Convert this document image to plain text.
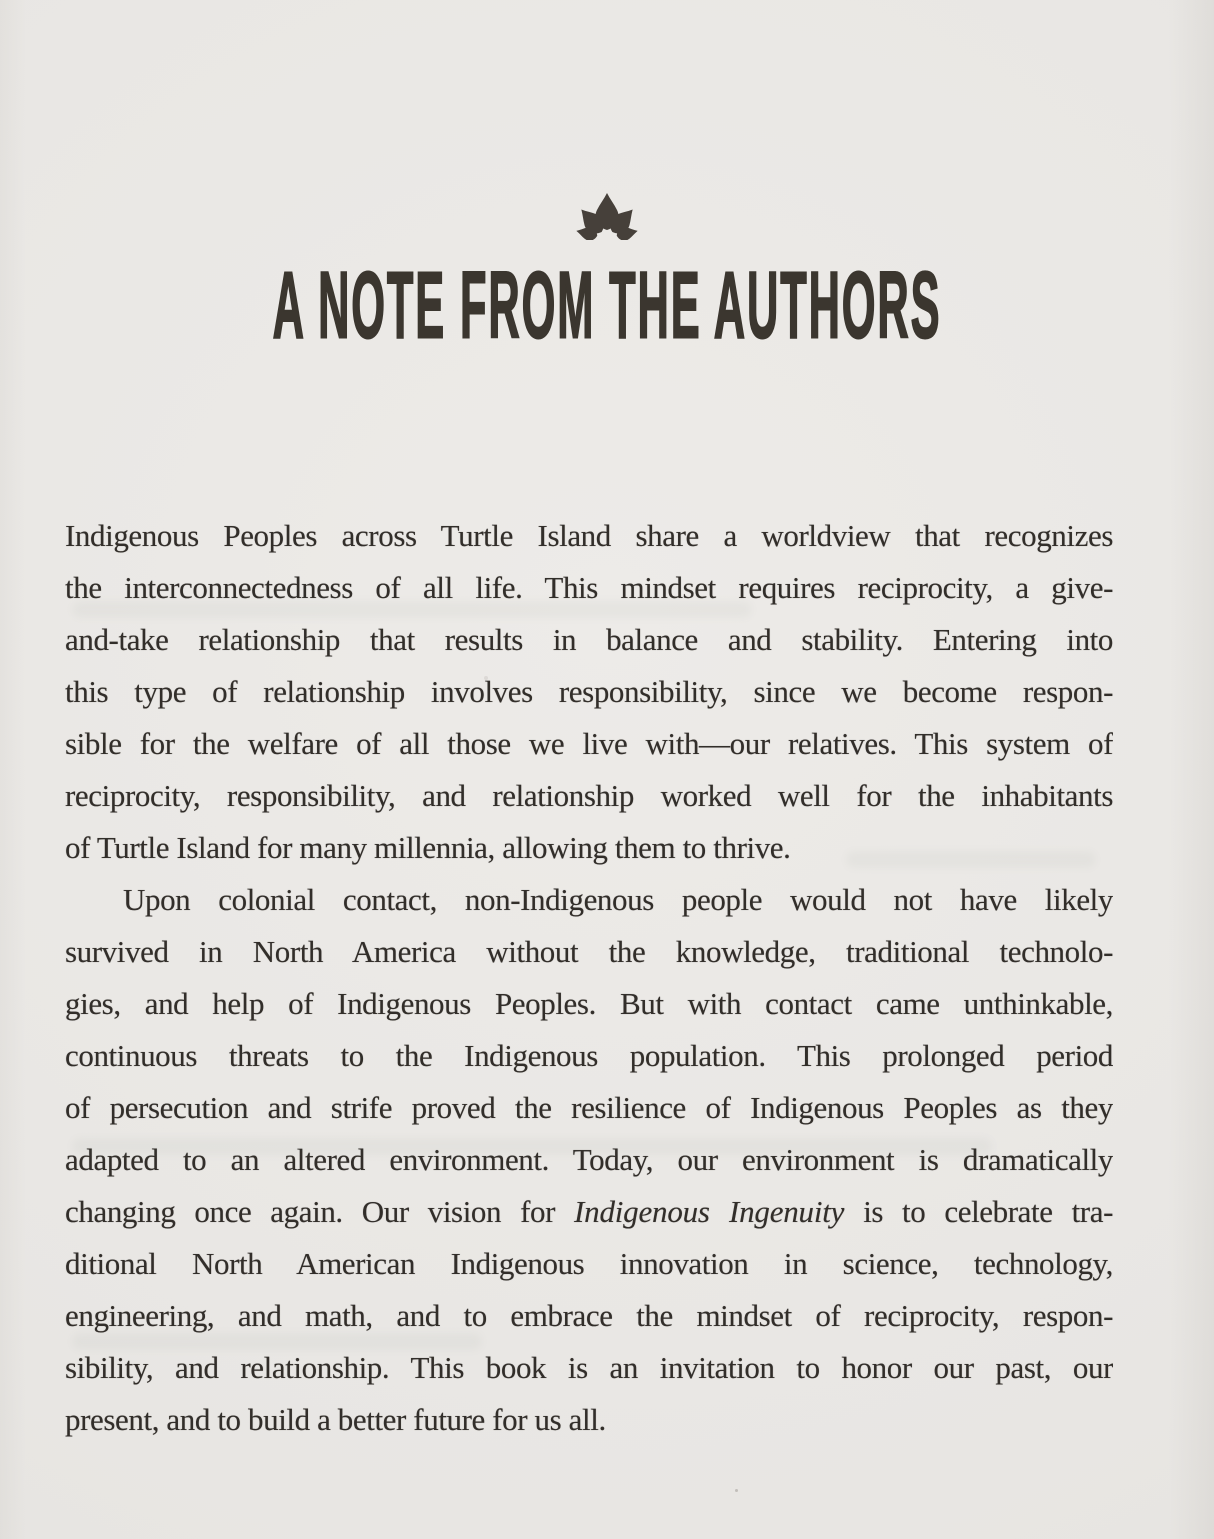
A NOTE FROM THE AUTHORS
Indigenous Peoples across Turtle Island share a worldview that recognizes
the interconnectedness of all life. This mindset requires reciprocity, a give-
and-take relationship that results in balance and stability. Entering into
this type of relationship involves responsibility, since we become respon-
sible for the welfare of all those we live with—our relatives. This system of
reciprocity, responsibility, and relationship worked well for the inhabitants
of Turtle Island for many millennia, allowing them to thrive.
Upon colonial contact, non-Indigenous people would not have likely
survived in North America without the knowledge, traditional technolo-
gies, and help of Indigenous Peoples. But with contact came unthinkable,
continuous threats to the Indigenous population. This prolonged period
of persecution and strife proved the resilience of Indigenous Peoples as they
adapted to an altered environment. Today, our environment is dramatically
changing once again. Our vision for Indigenous Ingenuity is to celebrate tra-
ditional North American Indigenous innovation in science, technology,
engineering, and math, and to embrace the mindset of reciprocity, respon-
sibility, and relationship. This book is an invitation to honor our past, our
present, and to build a better future for us all.
